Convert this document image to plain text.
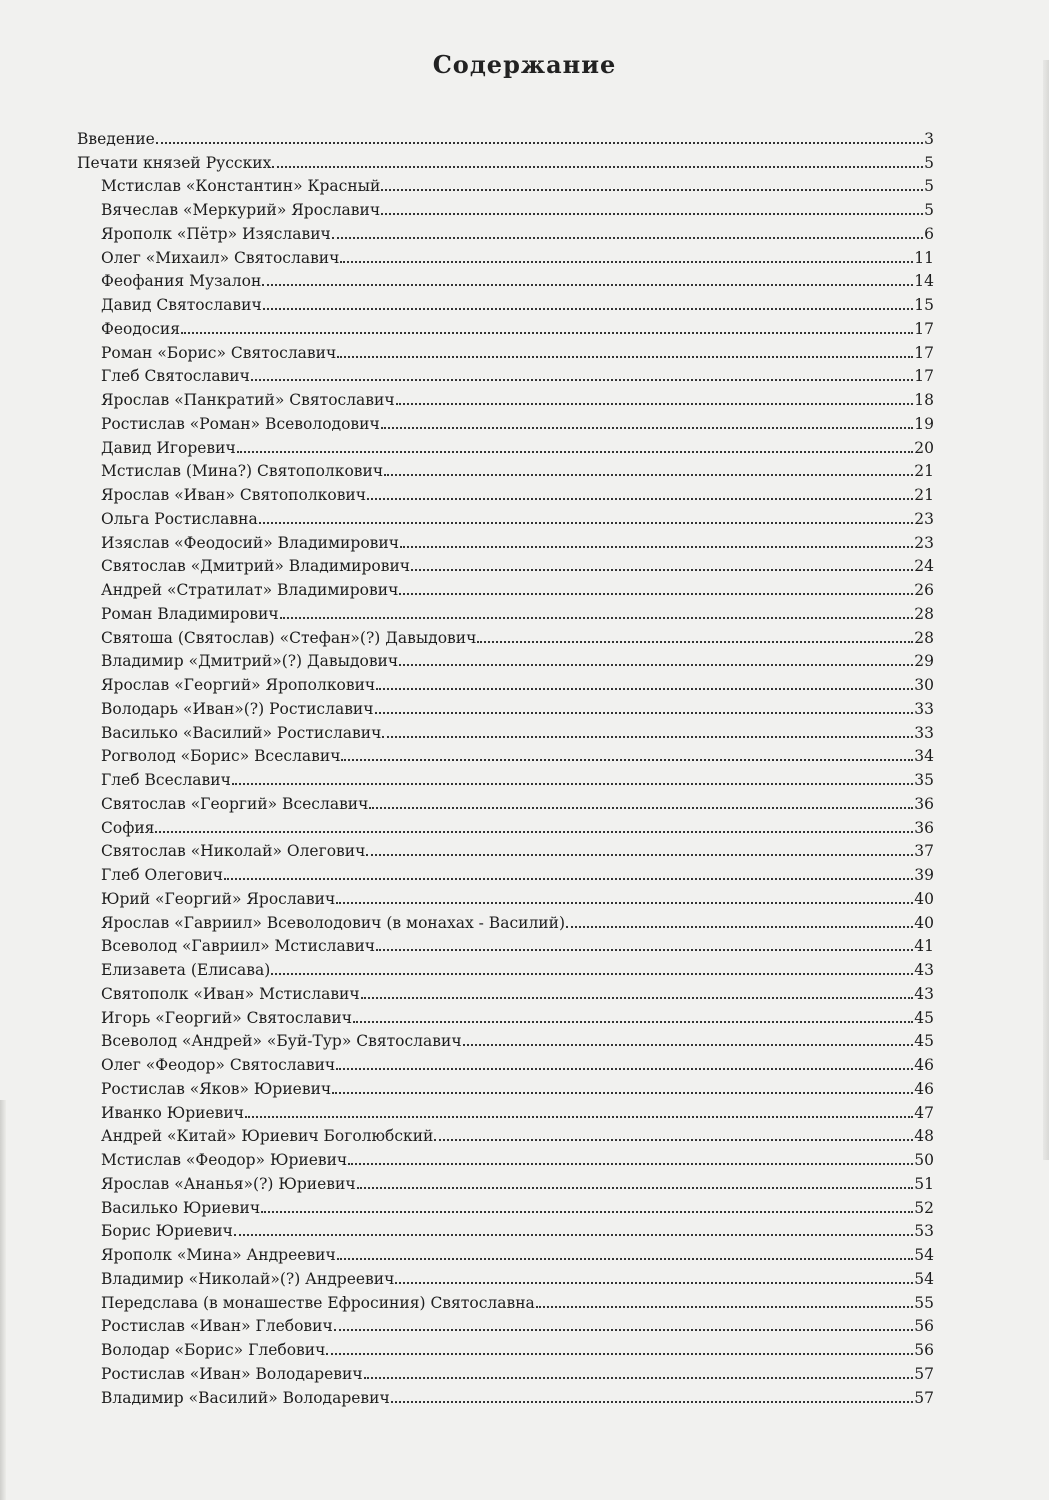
Содержание
Введение	3
Печати князей Русских	5
Мстислав «Константин» Красный	5
Вячеслав «Меркурий» Ярославич	5
Ярополк «Пётр» Изяславич	6
Олег «Михаил» Святославич	11
Феофания Музалон	14
Давид Святославич	15
Феодосия	17
Роман «Борис» Святославич	17
Глеб Святославич	17
Ярослав «Панкратий» Святославич	18
Ростислав «Роман» Всеволодович	19
Давид Игоревич	20
Мстислав (Мина?) Святополкович	21
Ярослав «Иван» Святополкович	21
Ольга Ростиславна	23
Изяслав «Феодосий» Владимирович	23
Святослав «Дмитрий» Владимирович	24
Андрей «Стратилат» Владимирович	26
Роман Владимирович	28
Святоша (Святослав) «Стефан»(?) Давыдович	28
Владимир «Дмитрий»(?) Давыдович	29
Ярослав «Георгий» Ярополкович	30
Володарь «Иван»(?) Ростиславич	33
Василько «Василий» Ростиславич	33
Рогволод «Борис» Всеславич	34
Глеб Всеславич	35
Святослав «Георгий» Всеславич	36
София	36
Святослав «Николай» Олегович	37
Глеб Олегович	39
Юрий «Георгий» Ярославич	40
Ярослав «Гавриил» Всеволодович (в монахах - Василий)	40
Всеволод «Гавриил» Мстиславич	41
Елизавета (Елисава)	43
Святополк «Иван» Мстиславич	43
Игорь «Георгий» Святославич	45
Всеволод «Андрей» «Буй-Тур» Святославич	45
Олег «Феодор» Святославич	46
Ростислав «Яков» Юриевич	46
Иванко Юриевич	47
Андрей «Китай» Юриевич Боголюбский	48
Мстислав «Феодор» Юриевич	50
Ярослав «Ананья»(?) Юриевич	51
Василько Юриевич	52
Борис Юриевич	53
Ярополк «Мина» Андреевич	54
Владимир «Николай»(?) Андреевич	54
Передслава (в монашестве Ефросиния) Святославна	55
Ростислав «Иван» Глебович	56
Володар «Борис» Глебович	56
Ростислав «Иван» Володаревич	57
Владимир «Василий» Володаревич	57
